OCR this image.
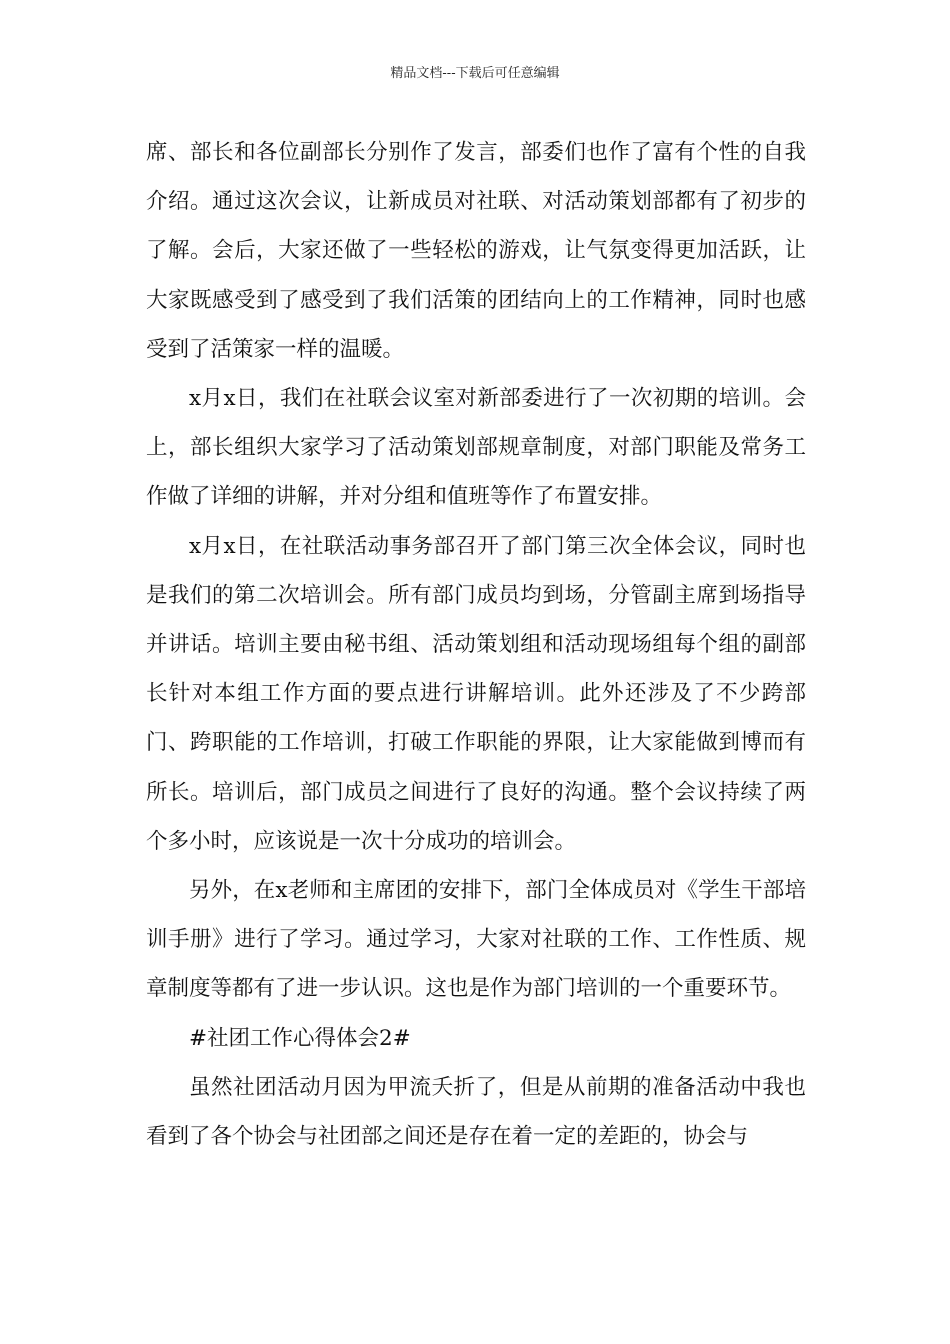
精品文档---下载后可任意编辑

席、部长和各位副部长分别作了发言，部委们也作了富有个性的自我介绍。通过这次会议，让新成员对社联、对活动策划部都有了初步的了解。会后，大家还做了一些轻松的游戏，让气氛变得更加活跃，让大家既感受到了感受到了我们活策的团结向上的工作精神，同时也感受到了活策家一样的温暖。

x月x日，我们在社联会议室对新部委进行了一次初期的培训。会上，部长组织大家学习了活动策划部规章制度，对部门职能及常务工作做了详细的讲解，并对分组和值班等作了布置安排。

x月x日，在社联活动事务部召开了部门第三次全体会议，同时也是我们的第二次培训会。所有部门成员均到场，分管副主席到场指导并讲话。培训主要由秘书组、活动策划组和活动现场组每个组的副部长针对本组工作方面的要点进行讲解培训。此外还涉及了不少跨部门、跨职能的工作培训，打破工作职能的界限，让大家能做到博而有所长。培训后，部门成员之间进行了良好的沟通。整个会议持续了两个多小时，应该说是一次十分成功的培训会。

另外，在x老师和主席团的安排下，部门全体成员对《学生干部培训手册》进行了学习。通过学习，大家对社联的工作、工作性质、规章制度等都有了进一步认识。这也是作为部门培训的一个重要环节。

#社团工作心得体会2#

虽然社团活动月因为甲流夭折了，但是从前期的准备活动中我也看到了各个协会与社团部之间还是存在着一定的差距的，协会与
